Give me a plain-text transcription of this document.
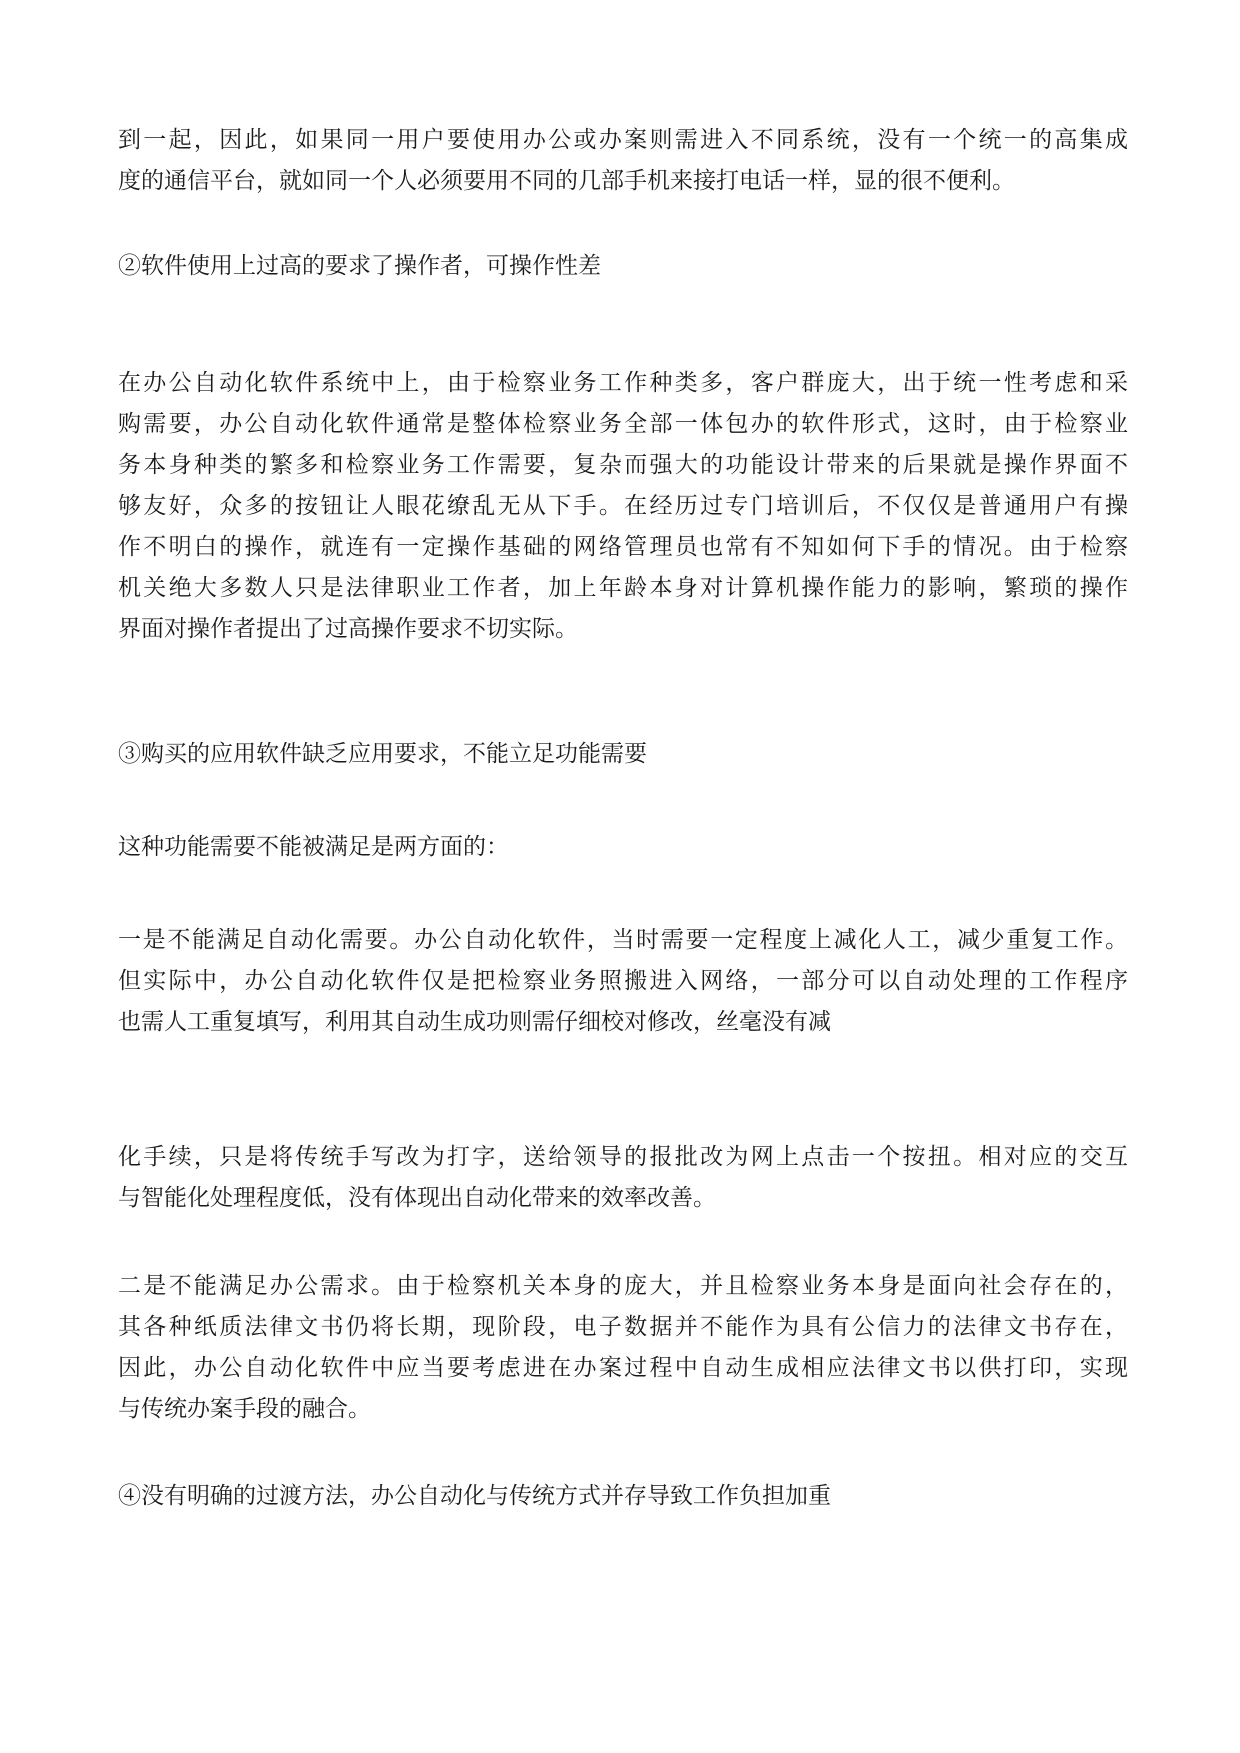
到一起，因此，如果同一用户要使用办公或办案则需进入不同系统，没有一个统一的高集成
度的通信平台，就如同一个人必须要用不同的几部手机来接打电话一样，显的很不便利。

②软件使用上过高的要求了操作者，可操作性差

在办公自动化软件系统中上，由于检察业务工作种类多，客户群庞大，出于统一性考虑和采
购需要，办公自动化软件通常是整体检察业务全部一体包办的软件形式，这时，由于检察业
务本身种类的繁多和检察业务工作需要，复杂而强大的功能设计带来的后果就是操作界面不
够友好，众多的按钮让人眼花缭乱无从下手。在经历过专门培训后，不仅仅是普通用户有操
作不明白的操作，就连有一定操作基础的网络管理员也常有不知如何下手的情况。由于检察
机关绝大多数人只是法律职业工作者，加上年龄本身对计算机操作能力的影响，繁琐的操作
界面对操作者提出了过高操作要求不切实际。

③购买的应用软件缺乏应用要求，不能立足功能需要

这种功能需要不能被满足是两方面的：

一是不能满足自动化需要。办公自动化软件，当时需要一定程度上减化人工，减少重复工作。
但实际中，办公自动化软件仅是把检察业务照搬进入网络，一部分可以自动处理的工作程序
也需人工重复填写，利用其自动生成功则需仔细校对修改，丝毫没有减

化手续，只是将传统手写改为打字，送给领导的报批改为网上点击一个按扭。相对应的交互
与智能化处理程度低，没有体现出自动化带来的效率改善。

二是不能满足办公需求。由于检察机关本身的庞大，并且检察业务本身是面向社会存在的，
其各种纸质法律文书仍将长期，现阶段，电子数据并不能作为具有公信力的法律文书存在，
因此，办公自动化软件中应当要考虑进在办案过程中自动生成相应法律文书以供打印，实现
与传统办案手段的融合。

④没有明确的过渡方法，办公自动化与传统方式并存导致工作负担加重
